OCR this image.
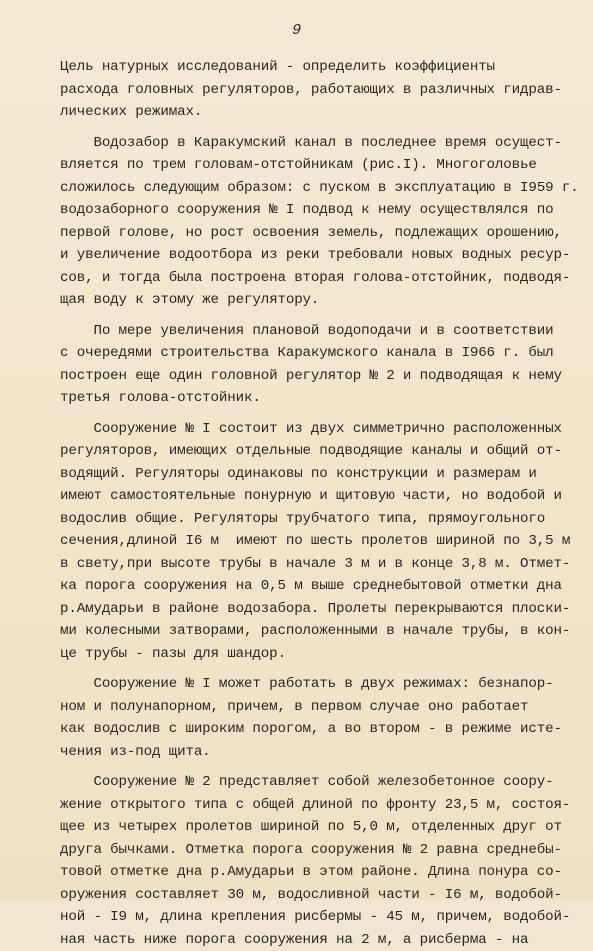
9
Цель натурных исследований - определить коэффициенты
расхода головных регуляторов, работающих в различных гидрав-
лических режимах.
Водозабор в Каракумский канал в последнее время осущест-
вляется по трем головам-отстойникам (рис.I). Многоголовье
сложилось следующим образом: с пуском в эксплуатацию в I959 г.
водозаборного сооружения № I подвод к нему осуществлялся по
первой голове, но рост освоения земель, подлежащих орошению,
и увеличение водоотбора из реки требовали новых водных ресур-
сов, и тогда была построена вторая голова-отстойник, подводя-
щая воду к этому же регулятору.
По мере увеличения плановой водоподачи и в соответствии
с очередями строительства Каракумского канала в I966 г. был
построен еще один головной регулятор № 2 и подводящая к нему
третья голова-отстойник.
Сооружение № I состоит из двух симметрично расположенных
регуляторов, имеющих отдельные подводящие каналы и общий от-
водящий. Регуляторы одинаковы по конструкции и размерам и
имеют самостоятельные понурную и щитовую части, но водобой и
водослив общие. Регуляторы трубчатого типа, прямоугольного
сечения,длиной I6 м  имеют по шесть пролетов шириной по 3,5 м
в свету,при высоте трубы в начале 3 м и в конце 3,8 м. Отмет-
ка порога сооружения на 0,5 м выше среднебытовой отметки дна
р.Амударьи в районе водозабора. Пролеты перекрываются плоски-
ми колесными затворами, расположенными в начале трубы, в кон-
це трубы - пазы для шандор.
Сооружение № I может работать в двух режимах: безнапор-
ном и полунапорном, причем, в первом случае оно работает
как водослив с широким порогом, а во втором - в режиме исте-
чения из-под щита.
Сооружение № 2 представляет собой железобетонное соору-
жение открытого типа с общей длиной по фронту 23,5 м, состоя-
щее из четырех пролетов шириной по 5,0 м, отделенных друг от
друга бычками. Отметка порога сооружения № 2 равна среднебы-
товой отметке дна р.Амударьи в этом районе. Длина понура со-
оружения составляет 30 м, водосливной части - I6 м, водобой-
ной - I9 м, длина крепления рисбермы - 45 м, причем, водобой-
ная часть ниже порога сооружения на 2 м, а рисберма - на
